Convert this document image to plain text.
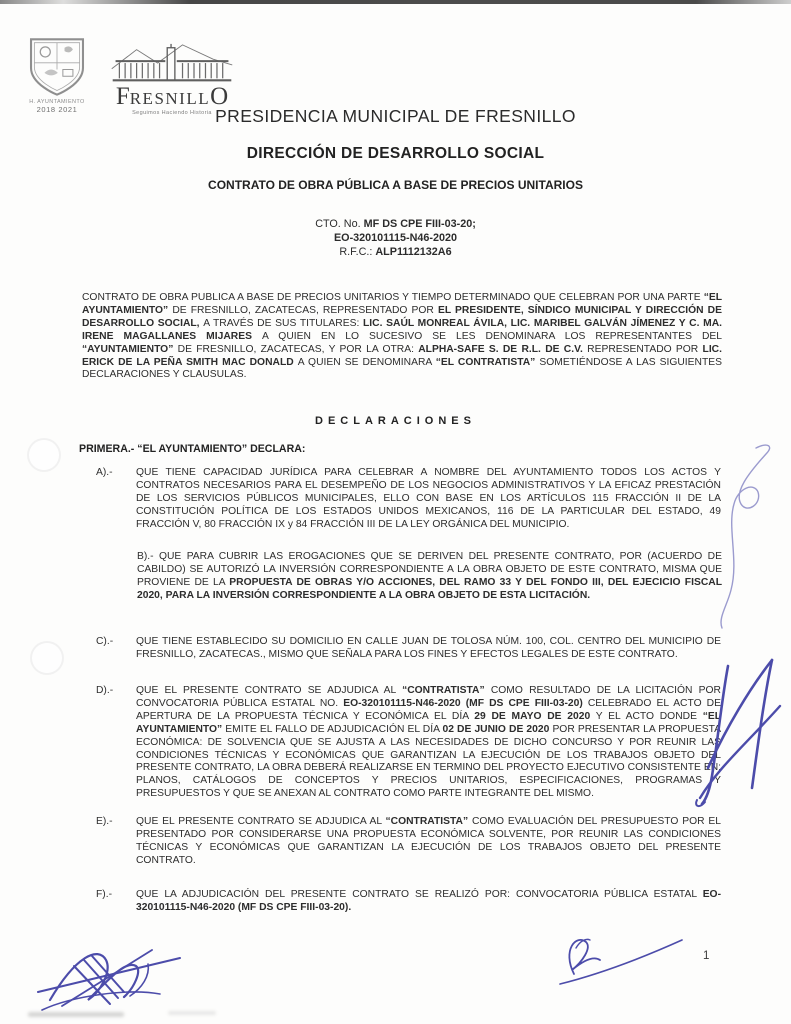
H. AYUNTAMIENTO
2018 2021	FRESNILLO
Seguimos Haciendo Historia PRESIDENCIA MUNICIPAL DE FRESNILLO
DIRECCIÓN DE DESARROLLO SOCIAL
CONTRATO DE OBRA PÚBLICA A BASE DE PRECIOS UNITARIOS
CTO. No. MF DS CPE FIII-03-20;
EO-320101115-N46-2020
R.F.C.: ALP1112132A6
CONTRATO DE OBRA PUBLICA A BASE DE PRECIOS UNITARIOS Y TIEMPO DETERMINADO QUE CELEBRAN POR UNA PARTE “EL AYUNTAMIENTO” DE FRESNILLO, ZACATECAS, REPRESENTADO POR EL PRESIDENTE, SÍNDICO MUNICIPAL Y DIRECCIÓN DE DESARROLLO SOCIAL, A TRAVÉS DE SUS TITULARES: LIC. SAÚL MONREAL ÁVILA, LIC. MARIBEL GALVÁN JÍMENEZ Y C. MA. IRENE MAGALLANES MIJARES A QUIEN EN LO SUCESIVO SE LES DENOMINARA LOS REPRESENTANTES DEL “AYUNTAMIENTO” DE FRESNILLO, ZACATECAS, Y POR LA OTRA: ALPHA-SAFE S. DE R.L. DE C.V. REPRESENTADO POR LIC. ERICK DE LA PEÑA SMITH MAC DONALD A QUIEN SE DENOMINARA “EL CONTRATISTA” SOMETIÉNDOSE A LAS SIGUIENTES DECLARACIONES Y CLAUSULAS.
DECLARACIONES
PRIMERA.- “EL AYUNTAMIENTO” DECLARA:
A).-	QUE TIENE CAPACIDAD JURÍDICA PARA CELEBRAR A NOMBRE DEL AYUNTAMIENTO TODOS LOS ACTOS Y CONTRATOS NECESARIOS PARA EL DESEMPEÑO DE LOS NEGOCIOS ADMINISTRATIVOS Y LA EFICAZ PRESTACIÓN DE LOS SERVICIOS PÚBLICOS MUNICIPALES, ELLO CON BASE EN LOS ARTÍCULOS 115 FRACCIÓN II DE LA CONSTITUCIÓN POLÍTICA DE LOS ESTADOS UNIDOS MEXICANOS, 116 DE LA PARTICULAR DEL ESTADO, 49 FRACCIÓN V, 80 FRACCIÓN IX y 84 FRACCIÓN III DE LA LEY ORGÁNICA DEL MUNICIPIO.
B).- QUE PARA CUBRIR LAS EROGACIONES QUE SE DERIVEN DEL PRESENTE CONTRATO, POR (ACUERDO DE CABILDO) SE AUTORIZÓ LA INVERSIÓN CORRESPONDIENTE A LA OBRA OBJETO DE ESTE CONTRATO, MISMA QUE PROVIENE DE LA PROPUESTA DE OBRAS Y/O ACCIONES, DEL RAMO 33 Y DEL FONDO III, DEL EJECICIO FISCAL 2020, PARA LA INVERSIÓN CORRESPONDIENTE A LA OBRA OBJETO DE ESTA LICITACIÓN.
C).-	QUE TIENE ESTABLECIDO SU DOMICILIO EN CALLE JUAN DE TOLOSA NÚM. 100, COL. CENTRO DEL MUNICIPIO DE FRESNILLO, ZACATECAS., MISMO QUE SEÑALA PARA LOS FINES Y EFECTOS LEGALES DE ESTE CONTRATO.
D).-	QUE EL PRESENTE CONTRATO SE ADJUDICA AL “CONTRATISTA” COMO RESULTADO DE LA LICITACIÓN POR CONVOCATORIA PÚBLICA ESTATAL NO. EO-320101115-N46-2020 (MF DS CPE FIII-03-20) CELEBRADO EL ACTO DE APERTURA DE LA PROPUESTA TÉCNICA Y ECONÓMICA EL DÍA 29 DE MAYO DE 2020 Y EL ACTO DONDE “EL AYUNTAMIENTO” EMITE EL FALLO DE ADJUDICACIÓN EL DÍA 02 DE JUNIO DE 2020 POR PRESENTAR LA PROPUESTA ECONÓMICA: DE SOLVENCIA QUE SE AJUSTA A LAS NECESIDADES DE DICHO CONCURSO Y POR REUNIR LAS CONDICIONES TÉCNICAS Y ECONÓMICAS QUE GARANTIZAN LA EJECUCIÓN DE LOS TRABAJOS OBJETO DEL PRESENTE CONTRATO, LA OBRA DEBERÁ REALIZARSE EN TERMINO DEL PROYECTO EJECUTIVO CONSISTENTE EN: PLANOS, CATÁLOGOS DE CONCEPTOS Y PRECIOS UNITARIOS, ESPECIFICACIONES, PROGRAMAS Y PRESUPUESTOS Y QUE SE ANEXAN AL CONTRATO COMO PARTE INTEGRANTE DEL MISMO.
E).-	QUE EL PRESENTE CONTRATO SE ADJUDICA AL “CONTRATISTA” COMO EVALUACIÓN DEL PRESUPUESTO POR EL PRESENTADO POR CONSIDERARSE UNA PROPUESTA ECONÓMICA SOLVENTE, POR REUNIR LAS CONDICIONES TÉCNICAS Y ECONÓMICAS QUE GARANTIZAN LA EJECUCIÓN DE LOS TRABAJOS OBJETO DEL PRESENTE CONTRATO.
F).-	QUE LA ADJUDICACIÓN DEL PRESENTE CONTRATO SE REALIZÓ POR: CONVOCATORIA PÚBLICA ESTATAL EO-320101115-N46-2020 (MF DS CPE FIII-03-20).
1
